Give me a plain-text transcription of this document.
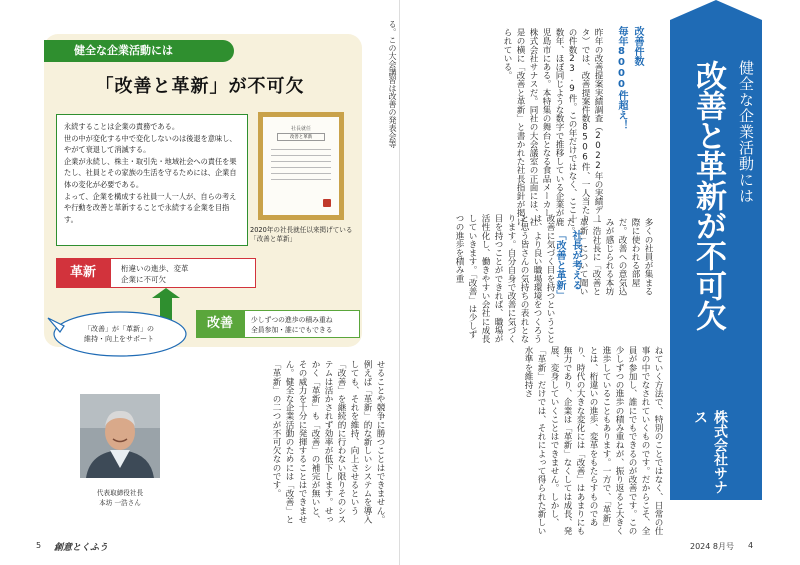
健全な企業活動には
「改善と革新」が不可欠

永続することは企業の責務である。

世の中が変化する中で変化しないのは後退を意味し、やがて衰退して消滅する。

企業が永続し、株主・取引先・地域社会への責任を果たし、社員とその家族の生活を守るためには、企業自体の変化が必要である。

よって、企業を構成する社員一人一人が、自らの考えや行動を改善と革新することで永続する企業を目指す。

社長就任
改善と革新
2020年の社長就任以来掲げている「改善と革新」
革新	桁違いの進歩、変革
企業に不可欠
改善	少しずつの進歩の積み重ね
全員参加・誰にでもできる
「改善」が「革新」の
維持・向上をサポート
代表取締役社長
本坊 一浩さん	せることや競争に勝つことはできません。例えば「革新」的な新しいシステムを導入しても、それを維持、向上させるという「改善」を継続的に行わない限りそのシステムは活かされず効率が低下します。せっかく「革新」も「改善」の補完が無いと、その威力を十分に発揮することはできません。健全な企業活動のためには「改善」と「革新」の二つが不可欠なのです。
る。この大会講習は改善の発表会等
5 創意とくふう
昨年の改善提案実績調査（2022年の実績データ）では、改善提案件数8506件、一人当たりの件数23.9件。この年だけではなく、ここ十数年、ほぼ同じような数字で推移している企業が鹿児島市にある。本特集の舞台となる食品メーカー、株式会社サナスだ。同社の大会議室の正面には、社是の横に「改善と革新」と書かれた社長指針が掲げられている。	改善件数
毎年8000件超え！
多くの社員が集まる際に使われる部屋だ。改善への意気込みが感じられる本坊一浩社長に「改善と革新」について聞いた。
社長が考える
「改善と革新」
改善に気づく目を持つということは、より良い職場環境をつくろうと思う皆さんの気持ちの表れとなります。自分自身で改善に気づく目を持つことができれば、職場が活性化し、働きやすい会社に成長していきます。「改善」は少しずつの進歩を積み重
ねていく方法で、特別のことではなく、日常の仕事の中でなされていくものです。だからこそ、全員が参加し、誰にでもできるのが改善です。この少しずつの進歩の積み重ねが、振り返ると大きく進歩していることもあります。一方で、「革新」とは、桁違いの進歩、変革をもたらすものであり、時代の大きな変化には「改善」はあまりにも無力であり、企業は「革新」なくしては成長、発展、変身していくことはできません。しかし、「革新」だけでは、それによって得られた新しい水準を維持さ
健全な企業活動には
改善と革新が不可欠
株式会社サナス
2024 8月号 4
